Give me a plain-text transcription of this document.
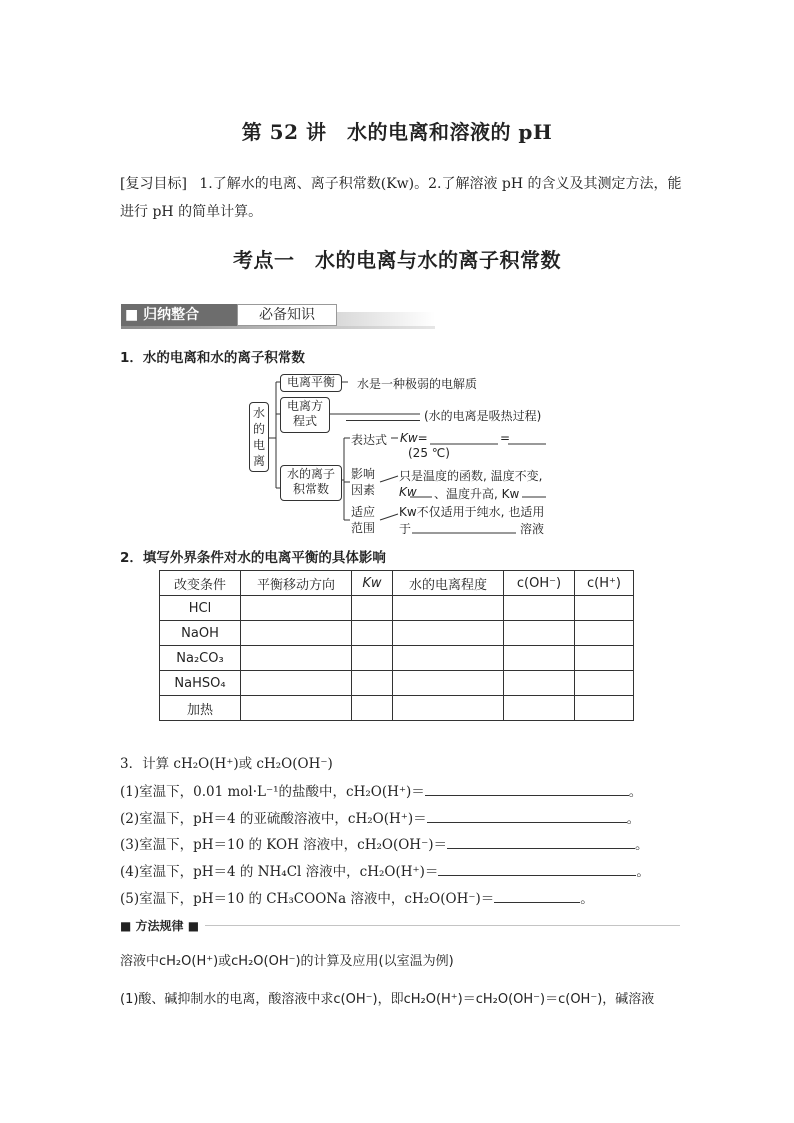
第 52 讲　水的电离和溶液的 pH
[复习目标] 1.了解水的电离、离子积常数(Kw)。2.了解溶液 pH 的含义及其测定方法，能进行 pH 的简单计算。
考点一　水的电离与水的离子积常数
■ 归纳整合	必备知识
1．水的电离和水的离子积常数
水的电离
电离平衡	水是一种极弱的电解质
电离方程式	(水的电离是吸热过程)
水的离子积常数
表达式 Kw=	=
(25 ℃)
影响因素
只是温度的函数, 温度不变,
Kw 、温度升高, Kw
适应范围
Kw不仅适用于纯水, 也适用
于	溶液
2．填写外界条件对水的电离平衡的具体影响
改变条件	平衡移动方向	Kw	水的电离程度	c(OH⁻)	c(H⁺)
HCl					
NaOH					
Na₂CO₃					
NaHSO₄					
加热					
3．计算 cH₂O(H⁺)或 cH₂O(OH⁻)
(1)室温下，0.01 mol·L⁻¹的盐酸中，cH₂O(H⁺)＝	。
(2)室温下，pH＝4 的亚硫酸溶液中，cH₂O(H⁺)＝	。
(3)室温下，pH＝10 的 KOH 溶液中，cH₂O(OH⁻)＝	。
(4)室温下，pH＝4 的 NH₄Cl 溶液中，cH₂O(H⁺)＝	。
(5)室温下，pH＝10 的 CH₃COONa 溶液中，cH₂O(OH⁻)＝	。
■ 方法规律 ■
溶液中cH₂O(H⁺)或cH₂O(OH⁻)的计算及应用(以室温为例)
(1)酸、碱抑制水的电离，酸溶液中求c(OH⁻)，即cH₂O(H⁺)＝cH₂O(OH⁻)＝c(OH⁻)，碱溶液
